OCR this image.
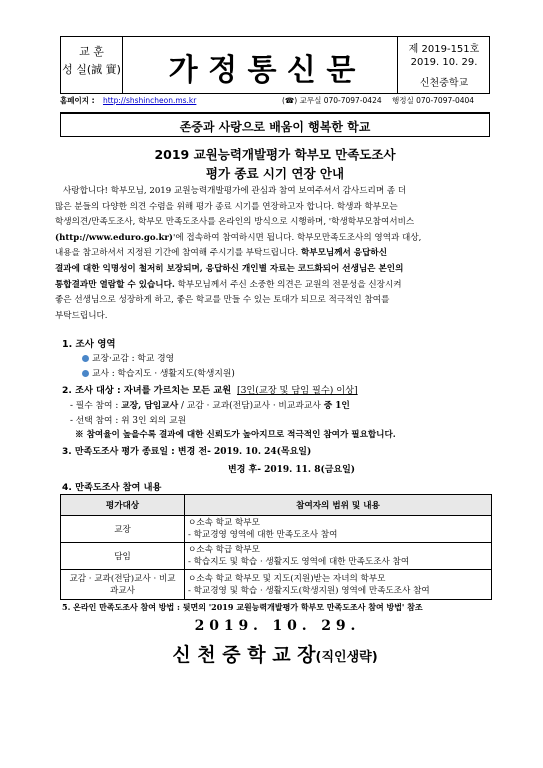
교 훈
성 실(誠 實)	가 정 통 신 문
제 2019-151호
2019. 10. 29.
신천중학교
홈페이지 : http://shshincheon.ms.kr	(☎) 교무실 070-7097-0424 행정실 070-7097-0404
존중과 사랑으로 배움이 행복한 학교
2019 교원능력개발평가 학부모 만족도조사
평가 종료 시기 연장 안내
사랑합니다! 학부모님, 2019 교원능력개발평가에 관심과 참여 보여주셔서 감사드리며 좀 더
많은 분들의 다양한 의견 수렴을 위해 평가 종료 시기를 연장하고자 합니다. 학생과 학부모는
학생의견/만족도조사, 학부모 만족도조사를 온라인의 방식으로 시행하며, '학생학부모참여서비스
(http://www.eduro.go.kr)'에 접속하여 참여하시면 됩니다. 학부모만족도조사의 영역과 대상,
내용을 참고하셔서 지정된 기간에 참여해 주시기를 부탁드립니다. 학부모님께서 응답하신
결과에 대한 익명성이 철저히 보장되며, 응답하신 개인별 자료는 코드화되어 선생님은 본인의
통합결과만 열람할 수 있습니다. 학부모님께서 주신 소중한 의견은 교원의 전문성을 신장시켜
좋은 선생님으로 성장하게 하고, 좋은 학교를 만들 수 있는 토대가 되므로 적극적인 참여를
부탁드립니다.
1. 조사 영역
교장·교감 : 학교 경영
교사 : 학습지도 · 생활지도(학생지원)
2. 조사 대상 : 자녀를 가르치는 모든 교원 [3인(교장 및 담임 필수) 이상]
- 필수 참여 : 교장, 담임교사 / 교감 · 교과(전담)교사 · 비교과교사 중 1인
- 선택 참여 : 위 3인 외의 교원
※ 참여율이 높을수록 결과에 대한 신뢰도가 높아지므로 적극적인 참여가 필요합니다.
3. 만족도조사 평가 종료일 : 변경 전- 2019. 10. 24(목요일)
변경 후- 2019. 11. 8(금요일)
4. 만족도조사 참여 내용
평가대상	참여자의 범위 및 내용
교장	ㅇ소속 학교 학부모
- 학교경영 영역에 대한 만족도조사 참여

담임	ㅇ소속 학급 학부모
- 학습지도 및 학습 · 생활지도 영역에 대한 만족도조사 참여

교감 · 교과(전담)교사 · 비교과교사	ㅇ소속 학교 학부모 및 지도(지원)받는 자녀의 학부모
- 학교경영 및 학습 · 생활지도(학생지원) 영역에 만족도조사 참여
5. 온라인 만족도조사 참여 방법 : 뒷면의 '2019 교원능력개발평가 학부모 만족도조사 참여 방법' 참조
2 0 1 9 .   1 0 .   2 9 .
신 천 중 학 교 장(직인생략)
